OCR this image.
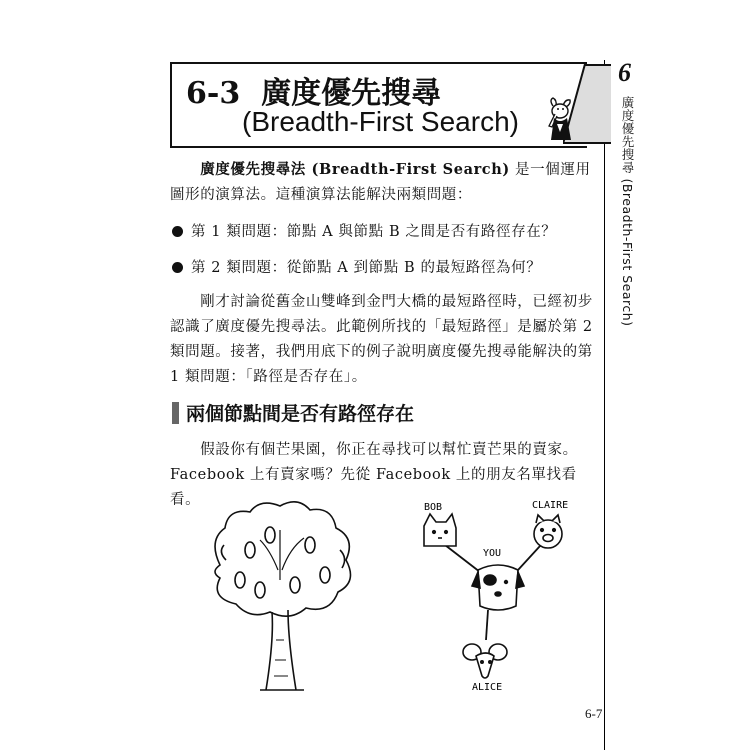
6
廣度優先搜尋 (Breadth-First Search)
6-3 廣度優先搜尋
(Breadth-First Search)
  廣度優先搜尋法 (Breadth-First Search) 是一個運用圖形的演算法。這種演算法能解決兩類問題：
第 1 類問題：節點 A 與節點 B 之間是否有路徑存在？
第 2 類問題：從節點 A 到節點 B 的最短路徑為何？
  剛才討論從舊金山雙峰到金門大橋的最短路徑時，已經初步認識了廣度優先搜尋法。此範例所找的「最短路徑」是屬於第 2 類問題。接著，我們用底下的例子說明廣度優先搜尋能解決的第 1 類問題：「路徑是否存在」。
兩個節點間是否有路徑存在
  假設你有個芒果園，你正在尋找可以幫忙賣芒果的賣家。Facebook 上有賣家嗎？先從 Facebook 上的朋友名單找看看。	BOB	CLAIRE
YOU
ALICE
6-7
